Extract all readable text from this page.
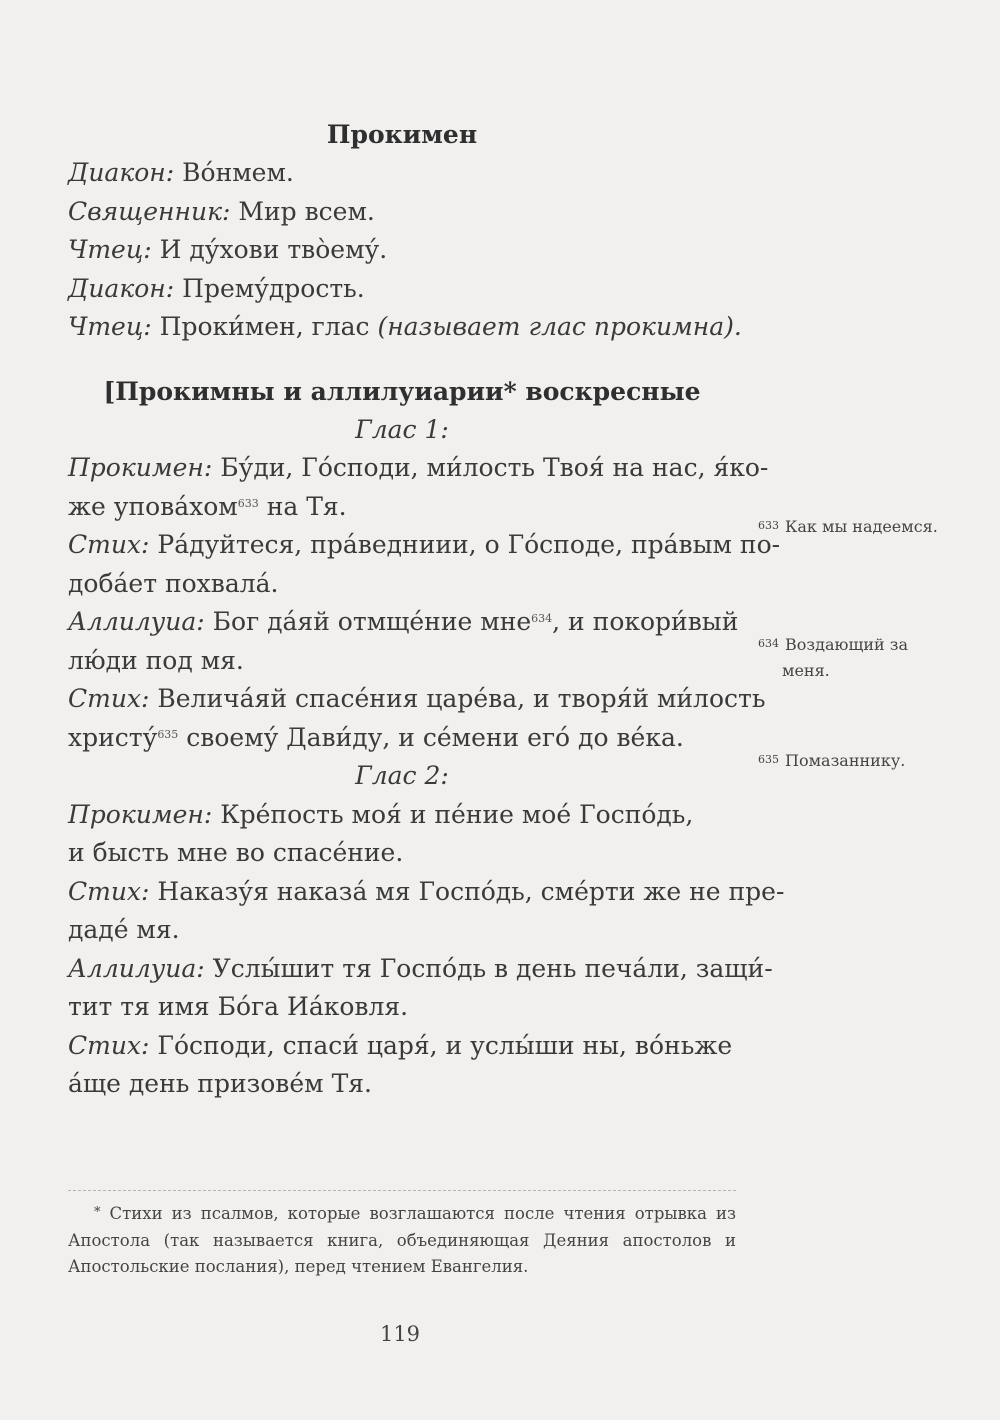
Прокимен

Диакон: Во́нмем.

Священник: Мир всем.

Чтец: И ду́хови тво̀ему́.

Диакон: Прему́дрость.

Чтец: Проки́мен, глас (называет глас прокимна).

[Прокимны и аллилуиарии* воскресные

Глас 1:

Прокимен: Бу́ди, Го́споди, ми́лость Твоя́ на нас, я́ко-

же упова́хом$^{633}$ на Тя.

Стих: Ра́дуйтеся, пра́ведниии, о Го́споде, пра́вым по-

доба́ет похвала́.

Аллилуиа: Бог да́яй отмще́ние мне$^{634}$, и покори́вый

лю́ди под мя.

Стих: Велича́яй спасе́ния царе́ва, и творя́й ми́лость

христу́$^{635}$ своему́ Дави́ду, и се́мени его́ до ве́ка.

Глас 2:

Прокимен: Кре́пость моя́ и пе́ние мое́ Госпо́дь,

и бысть мне во спасе́ние.

Стих: Наказу́я наказа́ мя Госпо́дь, сме́рти же не пре-

даде́ мя.

Аллилуиа: Услы́шит тя Госпо́дь в день печа́ли, защи́-

тит тя имя Бо́га Иа́ковля.

Стих: Го́споди, спаси́ царя́, и услы́ши ны, во́ньже

а́ще день призове́м Тя.

633 Как мы надеемся.
634 Воздающий за
меня.
635 Помазаннику.

* Стихи из псалмов, которые возглашаются после чтения отрывка из Апостола (так называется книга, объединяющая Деяния апостолов и Апостольские послания), перед чтением Евангелия.

119
